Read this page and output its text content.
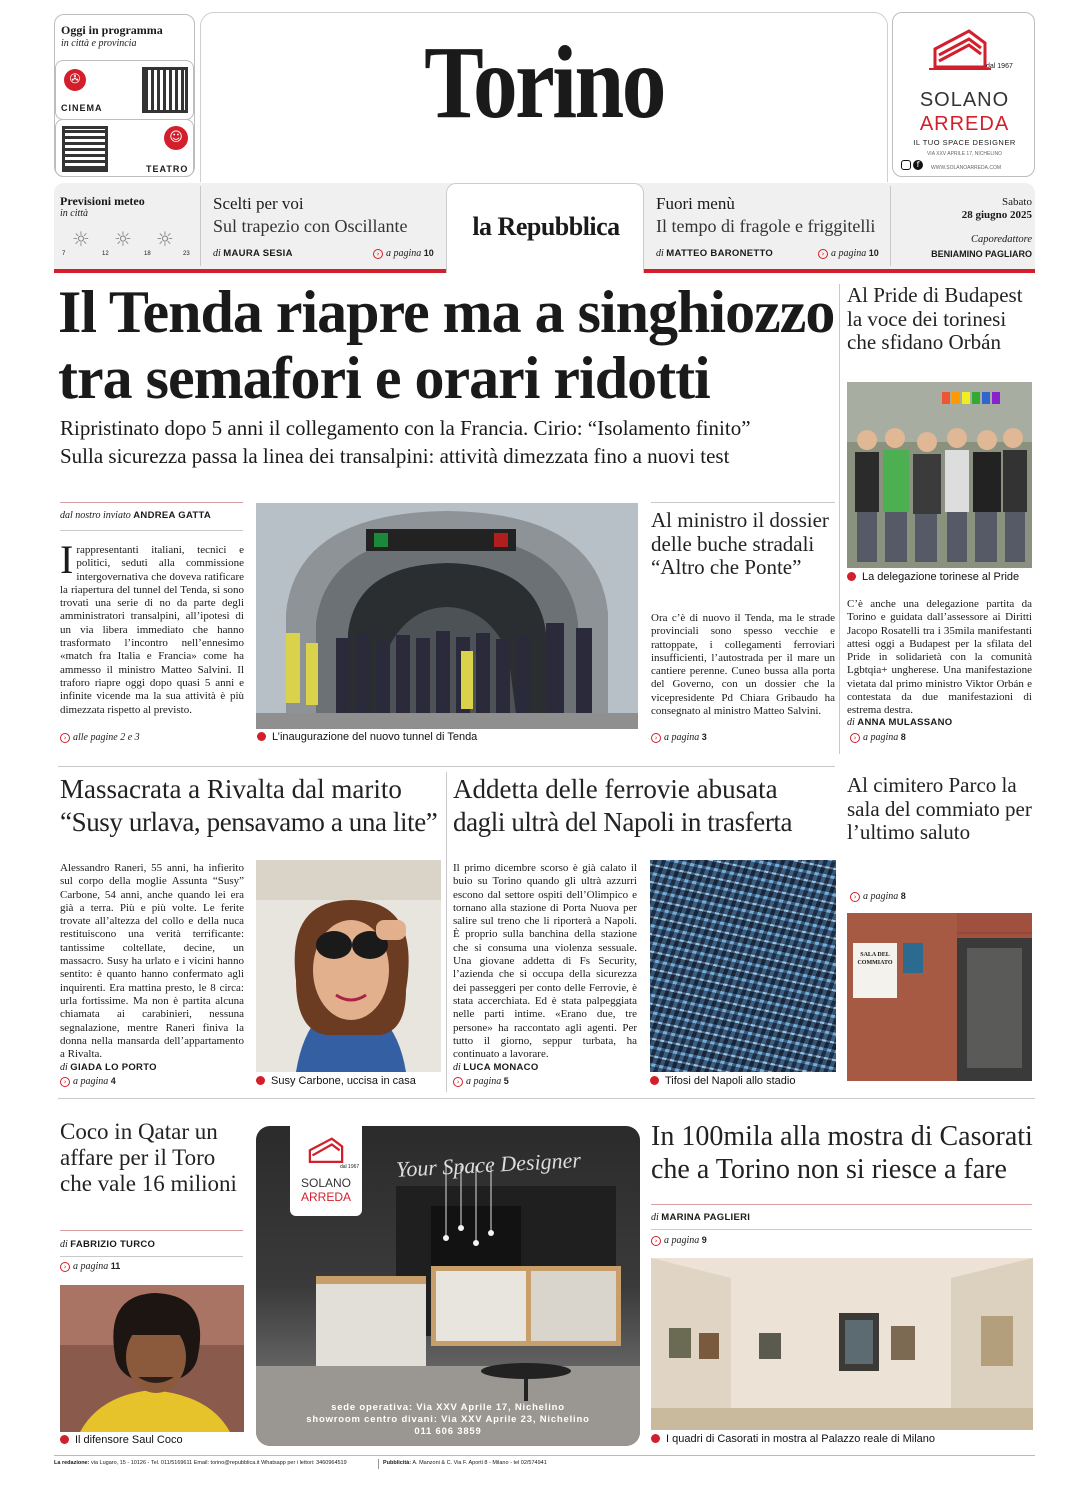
Oggi in programma
in città e provincia
✇
CINEMA
☺
TEATRO
Torino	dal 1967
SOLANO
ARREDA
IL TUO SPACE DESIGNER
VIA XXV APRILE 17, NICHELINO
f	WWW.SOLANOARREDA.COM
Previsioni meteo
in città
☼ ☼ ☼
7	12	18	23
Scelti per voi
Sul trapezio con Oscillante
di MAURA SESIA	› a pagina 10
la Repubblica
Fuori menù
Il tempo di fragole e friggitelli
di MATTEO BARONETTO	› a pagina 10
Sabato
28 giugno 2025
Caporedattore
BENIAMINO PAGLIARO
Il Tenda riapre ma a singhiozzo
tra semafori e orari ridotti
Ripristinato dopo 5 anni il collegamento con la Francia. Cirio: “Isolamento finito”
Sulla sicurezza passa la linea dei transalpini: attività dimezzata fino a nuovi test
dal nostro inviato ANDREA GATTA
I rappresentanti italiani, tecnici e politici, seduti alla commissione intergovernativa che doveva ratificare la riapertura del tunnel del Tenda, si sono trovati una serie di no da parte degli amministratori transalpini, all’ipotesi di un via libera immediato che hanno trasformato l’incontro nell’ennesimo «match fra Italia e Francia» come ha ammesso il ministro Matteo Salvini. Il traforo riapre oggi dopo quasi 5 anni e infinite vicende ma la sua attività è più dimezzata rispetto al previsto.

› alle pagine 2 e 3	L’inaugurazione del nuovo tunnel di Tenda
Al ministro il dossier delle buche stradali “Altro che Ponte”

Ora c’è di nuovo il Tenda, ma le strade provinciali sono spesso vecchie e rattoppate, i collegamenti ferroviari insufficienti, l’autostrada per il mare un cantiere perenne. Cuneo bussa alla porta del Governo, con un dossier che la vicepresidente Pd Chiara Gribaudo ha consegnato al ministro Matteo Salvini.

› a pagina 3
Al Pride di Budapest la voce dei torinesi che sfidano Orbán
La delegazione torinese al Pride

C’è anche una delegazione partita da Torino e guidata dall’assessore ai Diritti Jacopo Rosatelli tra i 35mila manifestanti attesi oggi a Budapest per la sfilata del Pride in solidarietà con la comunità Lgbtqia+ ungherese. Una manifestazione vietata dal primo ministro Viktor Orbán e contestata da due manifestazioni di estrema destra.

di ANNA MULASSANO
› a pagina 8
Massacrata a Rivalta dal marito
“Susy urlava, pensavamo a una lite”

Alessandro Raneri, 55 anni, ha infierito sul corpo della moglie Assunta “Susy” Carbone, 54 anni, anche quando lei era già a terra. Più e più volte. Le ferite trovate all’altezza del collo e della nuca restituiscono una verità terrificante: tantissime coltellate, decine, un massacro. Susy ha urlato e i vicini hanno sentito: è quanto hanno confermato agli inquirenti. Era mattina presto, le 8 circa: urla fortissime. Ma non è partita alcuna chiamata ai carabinieri, nessuna segnalazione, mentre Raneri finiva la donna nella mansarda dell’appartamento a Rivalta.

di GIADA LO PORTO
› a pagina 4	Susy Carbone, uccisa in casa
Addetta delle ferrovie abusata
dagli ultrà del Napoli in trasferta

Il primo dicembre scorso è già calato il buio su Torino quando gli ultrà azzurri escono dal settore ospiti dell’Olimpico e tornano alla stazione di Porta Nuova per salire sul treno che li riporterà a Napoli. È proprio sulla banchina della stazione che si consuma una violenza sessuale. Una giovane addetta di Fs Security, l’azienda che si occupa della sicurezza dei passeggeri per conto delle Ferrovie, è stata accerchiata. Ed è stata palpeggiata nelle parti intime. «Erano due, tre persone» ha raccontato agli agenti. Per tutto il giorno, seppur turbata, ha continuato a lavorare.

di LUCA MONACO
› a pagina 5	Tifosi del Napoli allo stadio
Al cimitero Parco la sala del commiato per l’ultimo saluto
› a pagina 8
SALA DEL COMMIATO
Coco in Qatar un affare per il Toro che vale 16 milioni
di FABRIZIO TURCO
› a pagina 11
Il difensore Saul Coco
dal 1967
SOLANO
ARREDA
Your Space Designer
sede operativa: Via XXV Aprile 17, Nichelino
showroom centro divani: Via XXV Aprile 23, Nichelino
011 606 3859
In 100mila alla mostra di Casorati che a Torino non si riesce a fare
di MARINA PAGLIERI
› a pagina 9
I quadri di Casorati in mostra al Palazzo reale di Milano
La redazione: via Lugaro, 15 - 10126 - Tel. 011/5169611 Email: torino@repubblica.it Whatsapp per i lettori: 3460964519	Pubblicità: A. Manzoni & C. Via F. Aporti 8 - Milano - tel 02/574941
